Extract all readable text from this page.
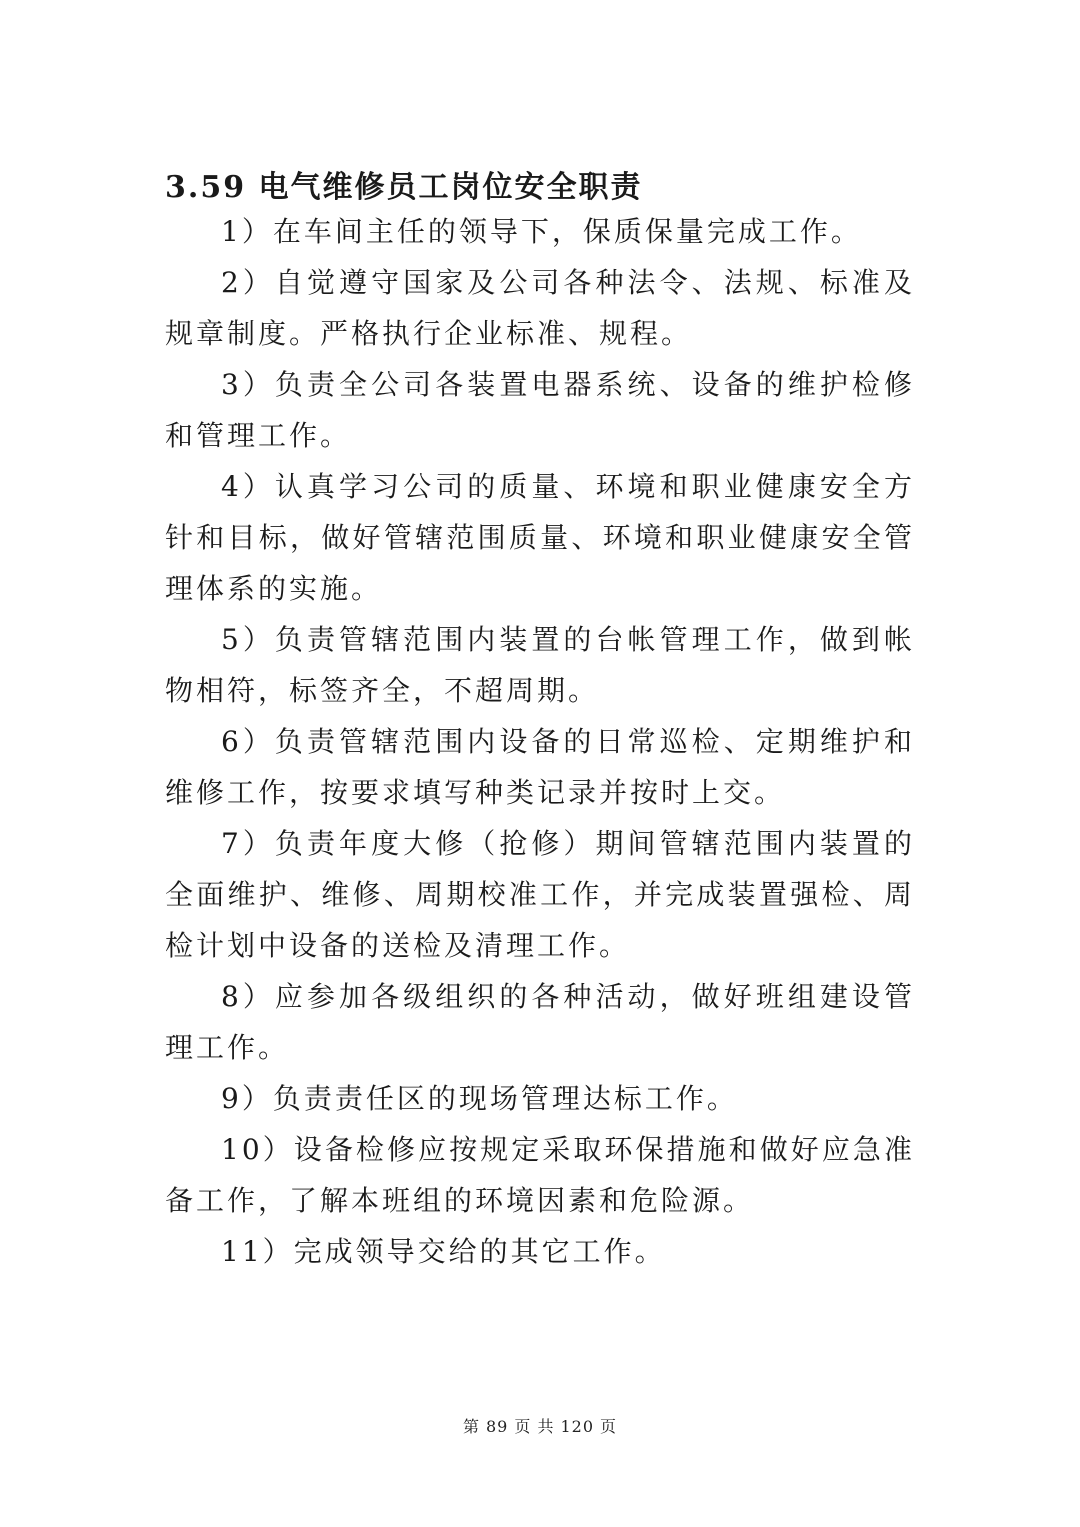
3.59 电气维修员工岗位安全职责

1）在车间主任的领导下，保质保量完成工作。

2）自觉遵守国家及公司各种法令、法规、标准及规章制度。严格执行企业标准、规程。

3）负责全公司各装置电器系统、设备的维护检修和管理工作。

4）认真学习公司的质量、环境和职业健康安全方针和目标，做好管辖范围质量、环境和职业健康安全管理体系的实施。

5）负责管辖范围内装置的台帐管理工作，做到帐物相符，标签齐全，不超周期。

6）负责管辖范围内设备的日常巡检、定期维护和维修工作，按要求填写种类记录并按时上交。

7）负责年度大修（抢修）期间管辖范围内装置的全面维护、维修、周期校准工作，并完成装置强检、周检计划中设备的送检及清理工作。

8）应参加各级组织的各种活动，做好班组建设管理工作。

9）负责责任区的现场管理达标工作。

10）设备检修应按规定采取环保措施和做好应急准备工作，了解本班组的环境因素和危险源。

11）完成领导交给的其它工作。

第 89 页 共 120 页
